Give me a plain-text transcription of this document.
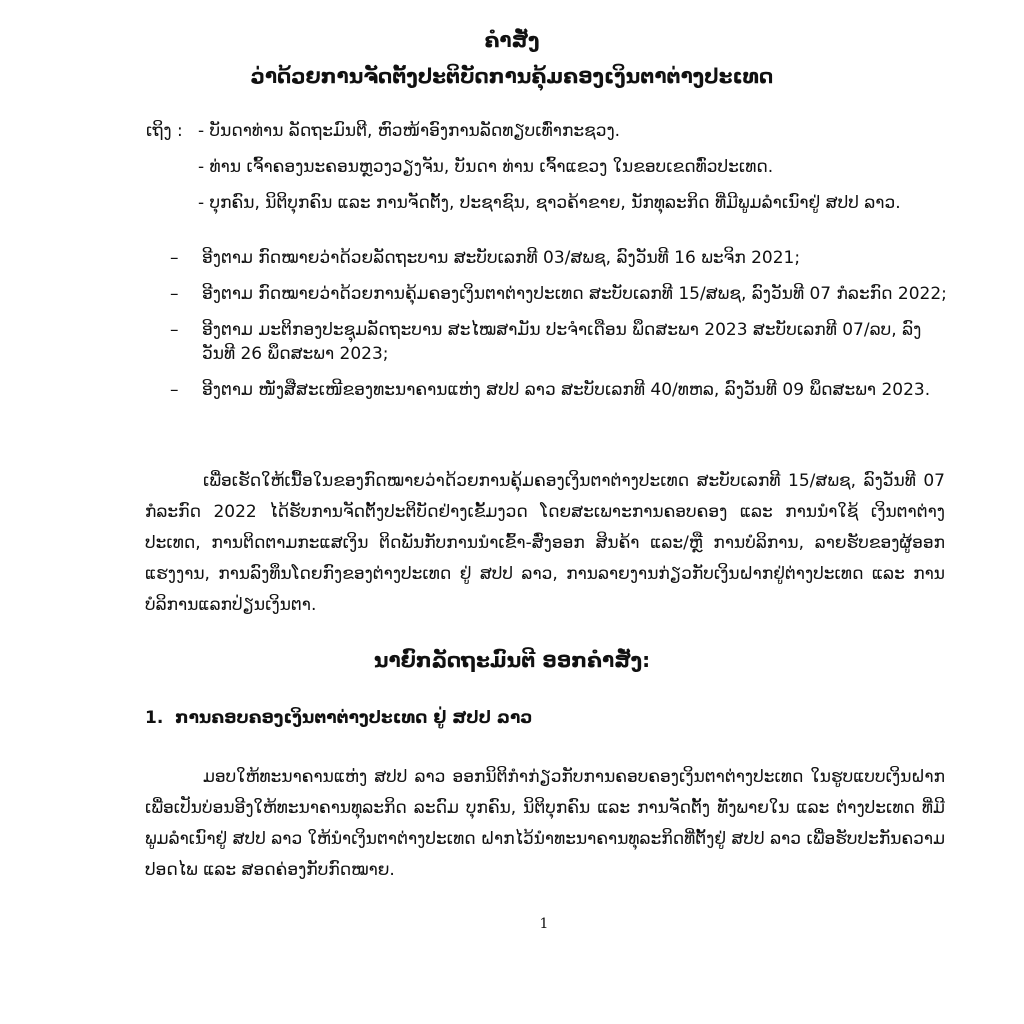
ຄຳສັ່ງ
ວ່າດ້ວຍການຈັດຕັ້ງປະຕິບັດການຄຸ້ມຄອງເງິນຕາຕ່າງປະເທດ
ເຖິງ : - ບັນດາທ່ານ ລັດຖະມົນຕີ, ຫົວໜ້າອົງການລັດທຽບເທົ່າກະຊວງ.
- ທ່ານ ເຈົ້າຄອງນະຄອນຫຼວງວຽງຈັນ, ບັນດາ ທ່ານ ເຈົ້າແຂວງ ໃນຂອບເຂດທົ່ວປະເທດ.
- ບຸກຄົນ, ນິຕິບຸກຄົນ ແລະ ການຈັດຕັ້ງ, ປະຊາຊົນ, ຊາວຄ້າຂາຍ, ນັກທຸລະກິດ ທີ່ມີພູມລຳເນົາຢູ່ ສປປ ລາວ.
– ອີງຕາມ ກົດໝາຍວ່າດ້ວຍລັດຖະບານ ສະບັບເລກທີ 03/ສພຊ, ລົງວັນທີ 16 ພະຈິກ 2021;
– ອີງຕາມ ກົດໝາຍວ່າດ້ວຍການຄຸ້ມຄອງເງິນຕາຕ່າງປະເທດ ສະບັບເລກທີ 15/ສພຊ, ລົງວັນທີ 07 ກໍລະກົດ 2022;
– ອີງຕາມ ມະຕິກອງປະຊຸມລັດຖະບານ ສະໄໝສາມັນ ປະຈຳເດືອນ ພຶດສະພາ 2023 ສະບັບເລກທີ 07/ລບ, ລົງວັນທີ 26 ພຶດສະພາ 2023;
– ອີງຕາມ ໜັງສືສະເໜີຂອງທະນາຄານແຫ່ງ ສປປ ລາວ ສະບັບເລກທີ 40/ທຫລ, ລົງວັນທີ 09 ພຶດສະພາ 2023.
ເພື່ອເຮັດໃຫ້ເນື້ອໃນຂອງກົດໝາຍວ່າດ້ວຍການຄຸ້ມຄອງເງິນຕາຕ່າງປະເທດ ສະບັບເລກທີ 15/ສພຊ, ລົງວັນທີ 07 ກໍລະກົດ 2022 ໄດ້ຮັບການຈັດຕັ້ງປະຕິບັດຢ່າງເຂັ້ມງວດ ໂດຍສະເພາະການຄອບຄອງ ແລະ ການນຳໃຊ້ ເງິນຕາຕ່າງປະເທດ, ການຕິດຕາມກະແສເງິນ ຕິດພັນກັບການນຳເຂົ້າ-ສົ່ງອອກ ສິນຄ້າ ແລະ/ຫຼື ການບໍລິການ, ລາຍຮັບຂອງຜູ້ອອກແຮງງານ, ການລົງທຶນໂດຍກົງຂອງຕ່າງປະເທດ ຢູ່ ສປປ ລາວ, ການລາຍງານກ່ຽວກັບເງິນຝາກຢູ່ຕ່າງປະເທດ ແລະ ການບໍລິການແລກປ່ຽນເງິນຕາ.
ນາຍົກລັດຖະມົນຕີ ອອກຄຳສັ່ງ:
1. ການຄອບຄອງເງິນຕາຕ່າງປະເທດ ຢູ່ ສປປ ລາວ
ມອບໃຫ້ທະນາຄານແຫ່ງ ສປປ ລາວ ອອກນິຕິກຳກ່ຽວກັບການຄອບຄອງເງິນຕາຕ່າງປະເທດ ໃນຮູບແບບເງິນຝາກ ເພື່ອເປັນບ່ອນອີງໃຫ້ທະນາຄານທຸລະກິດ ລະດົມ ບຸກຄົນ, ນິຕິບຸກຄົນ ແລະ ການຈັດຕັ້ງ ທັງພາຍໃນ ແລະ ຕ່າງປະເທດ ທີ່ມີພູມລຳເນົາຢູ່ ສປປ ລາວ ໃຫ້ນຳເງິນຕາຕ່າງປະເທດ ຝາກໄວ້ນຳທະນາຄານທຸລະກິດທີ່ຕັ້ງຢູ່ ສປປ ລາວ ເພື່ອຮັບປະກັນຄວາມປອດໄພ ແລະ ສອດຄ່ອງກັບກົດໝາຍ.
1
